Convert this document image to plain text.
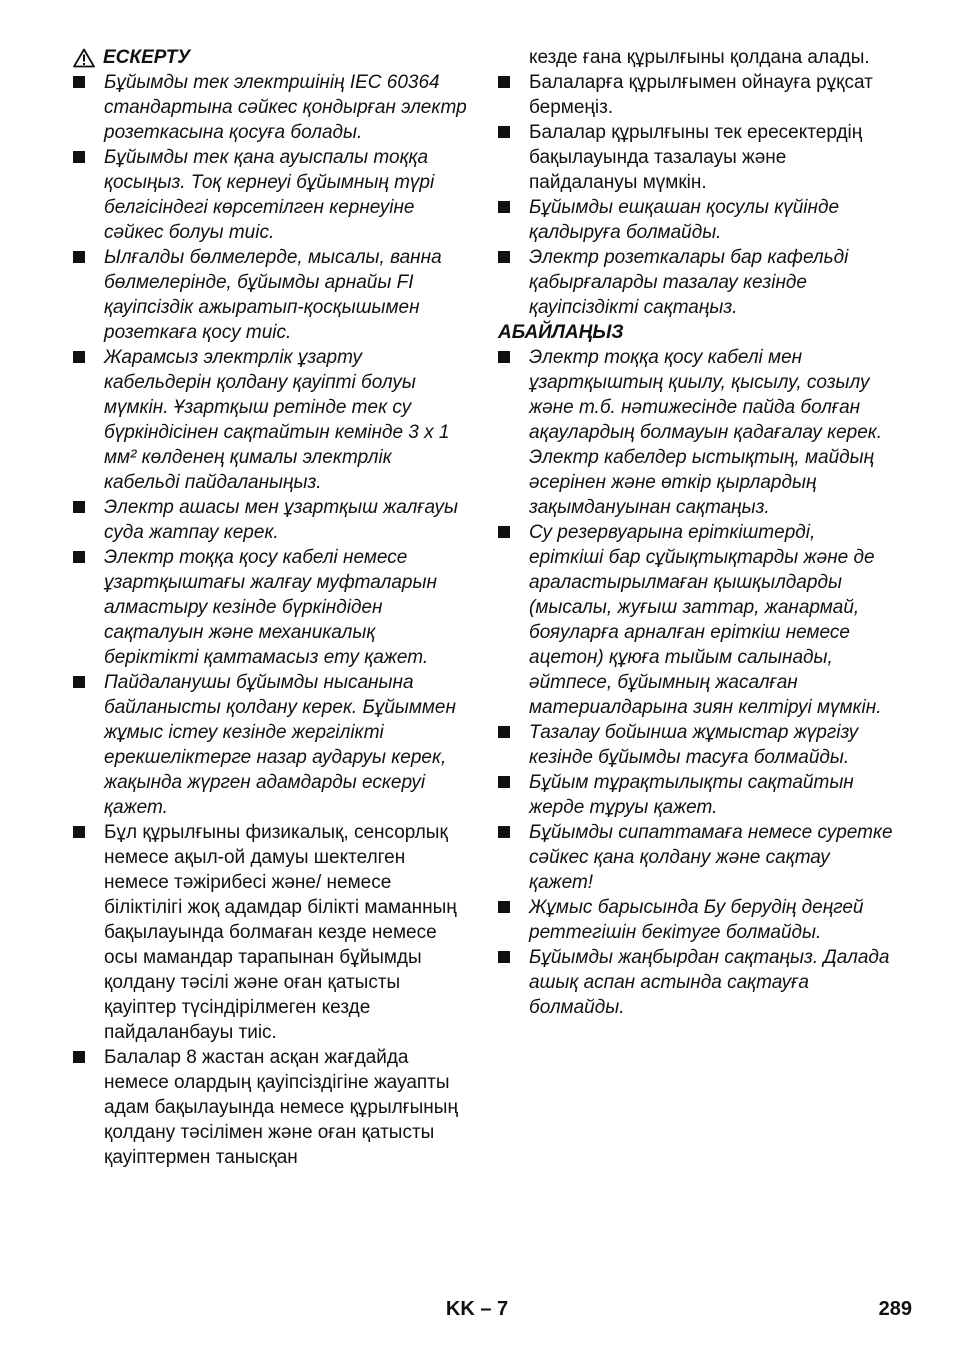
ЕСКЕРТУ
Бұйымды тек электршінің IEC 60364 стандартына сәйкес қондырған электр розеткасына қосуға болады.
Бұйымды тек қана ауыспалы тоққа қосыңыз. Тоқ кернеуі бұйымның түрі белгісіндегі көрсетілген кернеуіне сәйкес болуы тиіс.
Ылғалды бөлмелерде, мысалы, ванна бөлмелерінде, бұйымды арнайы FI қауіпсіздік ажыратып-қосқышымен розеткаға қосу тиіс.
Жарамсыз электрлік ұзарту кабельдерін қолдану қауіпті болуы мүмкін. Ұзартқыш ретінде тек су бүркіндісінен сақтайтын кемінде 3 х 1 мм² көлденең қималы электрлік кабельді пайдаланыңыз.
Электр ашасы мен ұзартқыш жалғауы суда жатпау керек.
Электр тоққа қосу кабелі немесе ұзартқыштағы жалғау муфталарын алмастыру кезінде бүркіндіден сақталуын және механикалық беріктікті қамтамасыз ету қажет.
Пайдаланушы бұйымды нысанына байланысты қолдану керек. Бұйыммен жұмыс істеу кезінде жергілікті ерекшеліктерге назар аударуы керек, жақында жүрген адамдарды ескеруі қажет.
Бұл құрылғыны физикалық, сенсорлық немесе ақыл-ой дамуы шектелген немесе тәжірибесі және/ немесе біліктілігі жоқ адамдар білікті маманның бақылауында болмаған кезде немесе осы мамандар тарапынан бұйымды қолдану тәсілі және оған қатысты қауіптер түсіндірілмеген кезде пайдаланбауы тиіс.
Балалар 8 жастан асқан жағдайда немесе олардың қауіпсіздігіне жауапты адам бақылауында немесе құрылғының қолдану тәсілімен және оған қатысты қауіптермен танысқан
кезде ғана құрылғыны қолдана алады.
Балаларға құрылғымен ойнауға рұқсат бермеңіз.
Балалар құрылғыны тек ересектердің бақылауында тазалауы және пайдалануы мүмкін.
Бұйымды ешқашан қосулы күйінде қалдыруға болмайды.
Электр розеткалары бар кафельді қабырғаларды тазалау кезінде қауіпсіздікті сақтаңыз.
АБАЙЛАҢЫЗ
Электр тоққа қосу кабелі мен ұзартқыштың қиылу, қысылу, созылу және т.б. нәтижесінде пайда болған ақаулардың болмауын қадағалау керек. Электр кабелдер ыстықтың, майдың әсерінен және өткір қырлардың зақымдануынан сақтаңыз.
Су резервуарына еріткіштерді, еріткіші бар сұйықтықтарды және де араластырылмаған қышқылдарды (мысалы, жуғыш заттар, жанармай, бояуларға арналған еріткіш немесе ацетон) құюға тыйым салынады, әйтпесе, бұйымның жасалған материалдарына зиян келтіруі мүмкін.
Тазалау бойынша жұмыстар жүргізу кезінде бұйымды тасуға болмайды.
Бұйым тұрақтылықты сақтайтын жерде тұруы қажет.
Бұйымды сипаттамаға немесе суретке сәйкес қана қолдану және сақтау қажет!
Жұмыс барысында Бу берудің деңгей реттегішін бекітуге болмайды.
Бұйымды жаңбырдан сақтаңыз. Далада ашық аспан астында сақтауға болмайды.
KK – 7	289
